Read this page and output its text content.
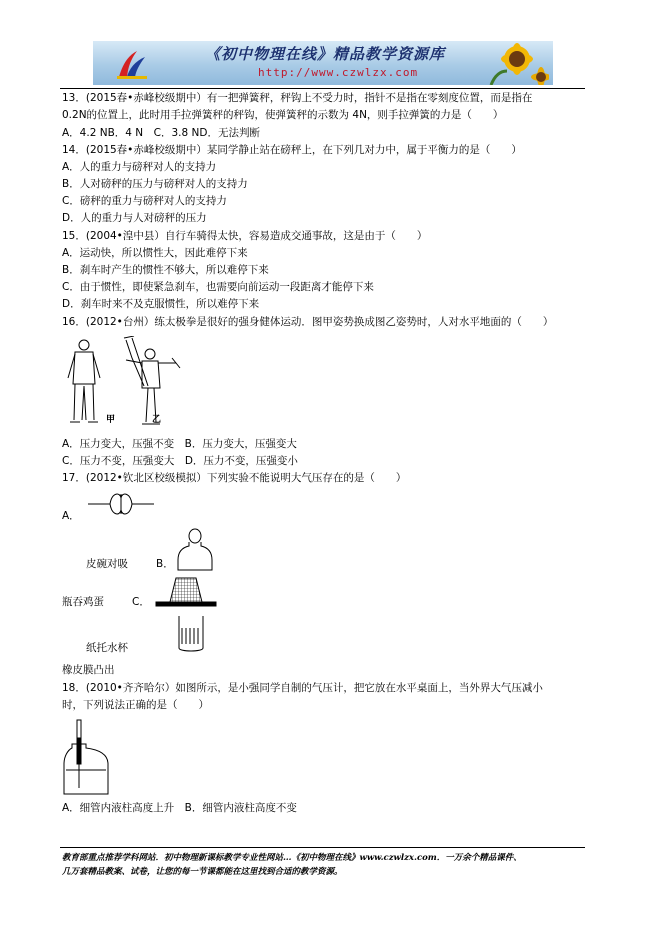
《初中物理在线》精品教学资源库
http://www.czwlzx.com
13．(2015春•赤峰校级期中）有一把弹簧秤，秤钩上不受力时，指针不是指在零刻度位置，而是指在
0.2N的位置上，此时用手拉弹簧秤的秤钩，使弹簧秤的示数为 4N，则手拉弹簧的力是（　　）
A．4.2 NB．4 N　C．3.8 ND．无法判断
14．(2015春•赤峰校级期中）某同学静止站在磅秤上，在下列几对力中，属于平衡力的是（　　）
A．人的重力与磅秤对人的支持力
B．人对磅秤的压力与磅秤对人的支持力
C．磅秤的重力与磅秤对人的支持力
D．人的重力与人对磅秤的压力
15．(2004•湟中县）自行车骑得太快，容易造成交通事故，这是由于（　　）
A．运动快，所以惯性大，因此难停下来
B．刹车时产生的惯性不够大，所以难停下来
C．由于惯性，即使紧急刹车，也需要向前运动一段距离才能停下来
D．刹车时来不及克服惯性，所以难停下来
16．(2012•台州）练太极拳是很好的强身健体运动．图甲姿势换成图乙姿势时，人对水平地面的（　　）
甲	乙
A．压力变大，压强不变　B．压力变大，压强变大
C．压力不变，压强变大　D．压力不变，压强变小
17．(2012•钦北区校级模拟）下列实验不能说明大气压存在的是（　　）
A．
皮碗对吸	B．
瓶吞鸡蛋	C．
纸托水杯
橡皮膜凸出
18．(2010•齐齐哈尔）如图所示，是小强同学自制的气压计，把它放在水平桌面上，当外界大气压减小
时，下列说法正确的是（　　）
A．细管内液柱高度上升　B．细管内液柱高度不变
教育部重点推荐学科网站．初中物理新课标教学专业性网站…《初中物理在线》www.czwlzx.com．一万余个精品课件、
几万套精品教案、试卷，让您的每一节课都能在这里找到合适的教学资源。
